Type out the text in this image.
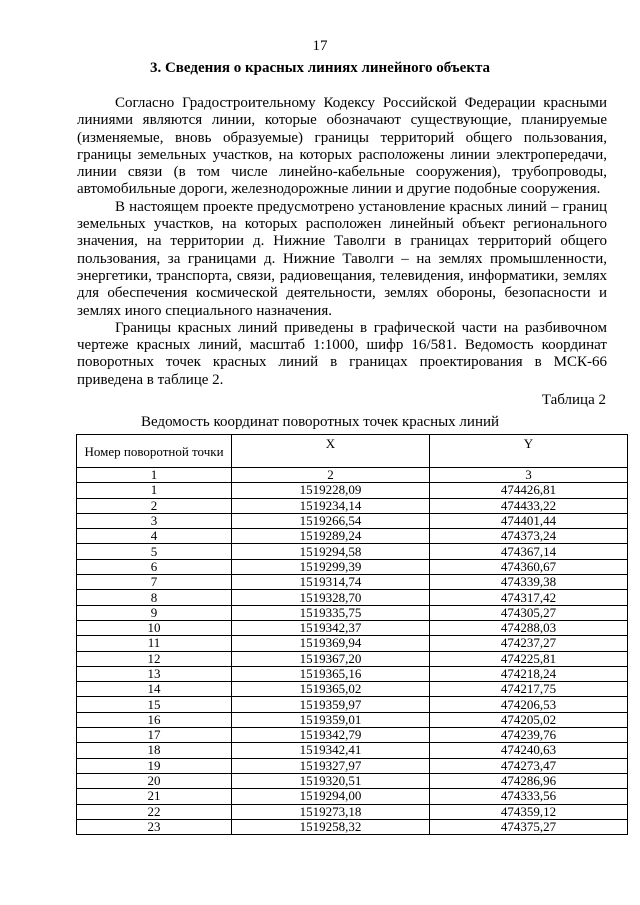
17
3. Сведения о красных линиях линейного объекта

Согласно Градостроительному Кодексу Российской Федерации красными линиями являются линии, которые обозначают существующие, планируемые (изменяемые, вновь образуемые) границы территорий общего пользования, границы земельных участков, на которых расположены линии электропередачи, линии связи (в том числе линейно-кабельные сооружения), трубопроводы, автомобильные дороги, железнодорожные линии и другие подобные сооружения.

В настоящем проекте предусмотрено установление красных линий – границ земельных участков, на которых расположен линейный объект регионального значения, на территории д. Нижние Таволги в границах территорий общего пользования, за границами д. Нижние Таволги – на землях промышленности, энергетики, транспорта, связи, радиовещания, телевидения, информатики, землях для обеспечения космической деятельности, землях обороны, безопасности и землях иного специального назначения.

Границы красных линий приведены в графической части на разбивочном чертеже красных линий, масштаб 1:1000, шифр 16/581. Ведомость координат поворотных точек красных линий в границах проектирования в МСК-66 приведена в таблице 2.

Таблица 2
Ведомость координат поворотных точек красных линий
Номер поворотной точки	X	Y
1	2	3
1	1519228,09	474426,81
2	1519234,14	474433,22
3	1519266,54	474401,44
4	1519289,24	474373,24
5	1519294,58	474367,14
6	1519299,39	474360,67
7	1519314,74	474339,38
8	1519328,70	474317,42
9	1519335,75	474305,27
10	1519342,37	474288,03
11	1519369,94	474237,27
12	1519367,20	474225,81
13	1519365,16	474218,24
14	1519365,02	474217,75
15	1519359,97	474206,53
16	1519359,01	474205,02
17	1519342,79	474239,76
18	1519342,41	474240,63
19	1519327,97	474273,47
20	1519320,51	474286,96
21	1519294,00	474333,56
22	1519273,18	474359,12
23	1519258,32	474375,27
